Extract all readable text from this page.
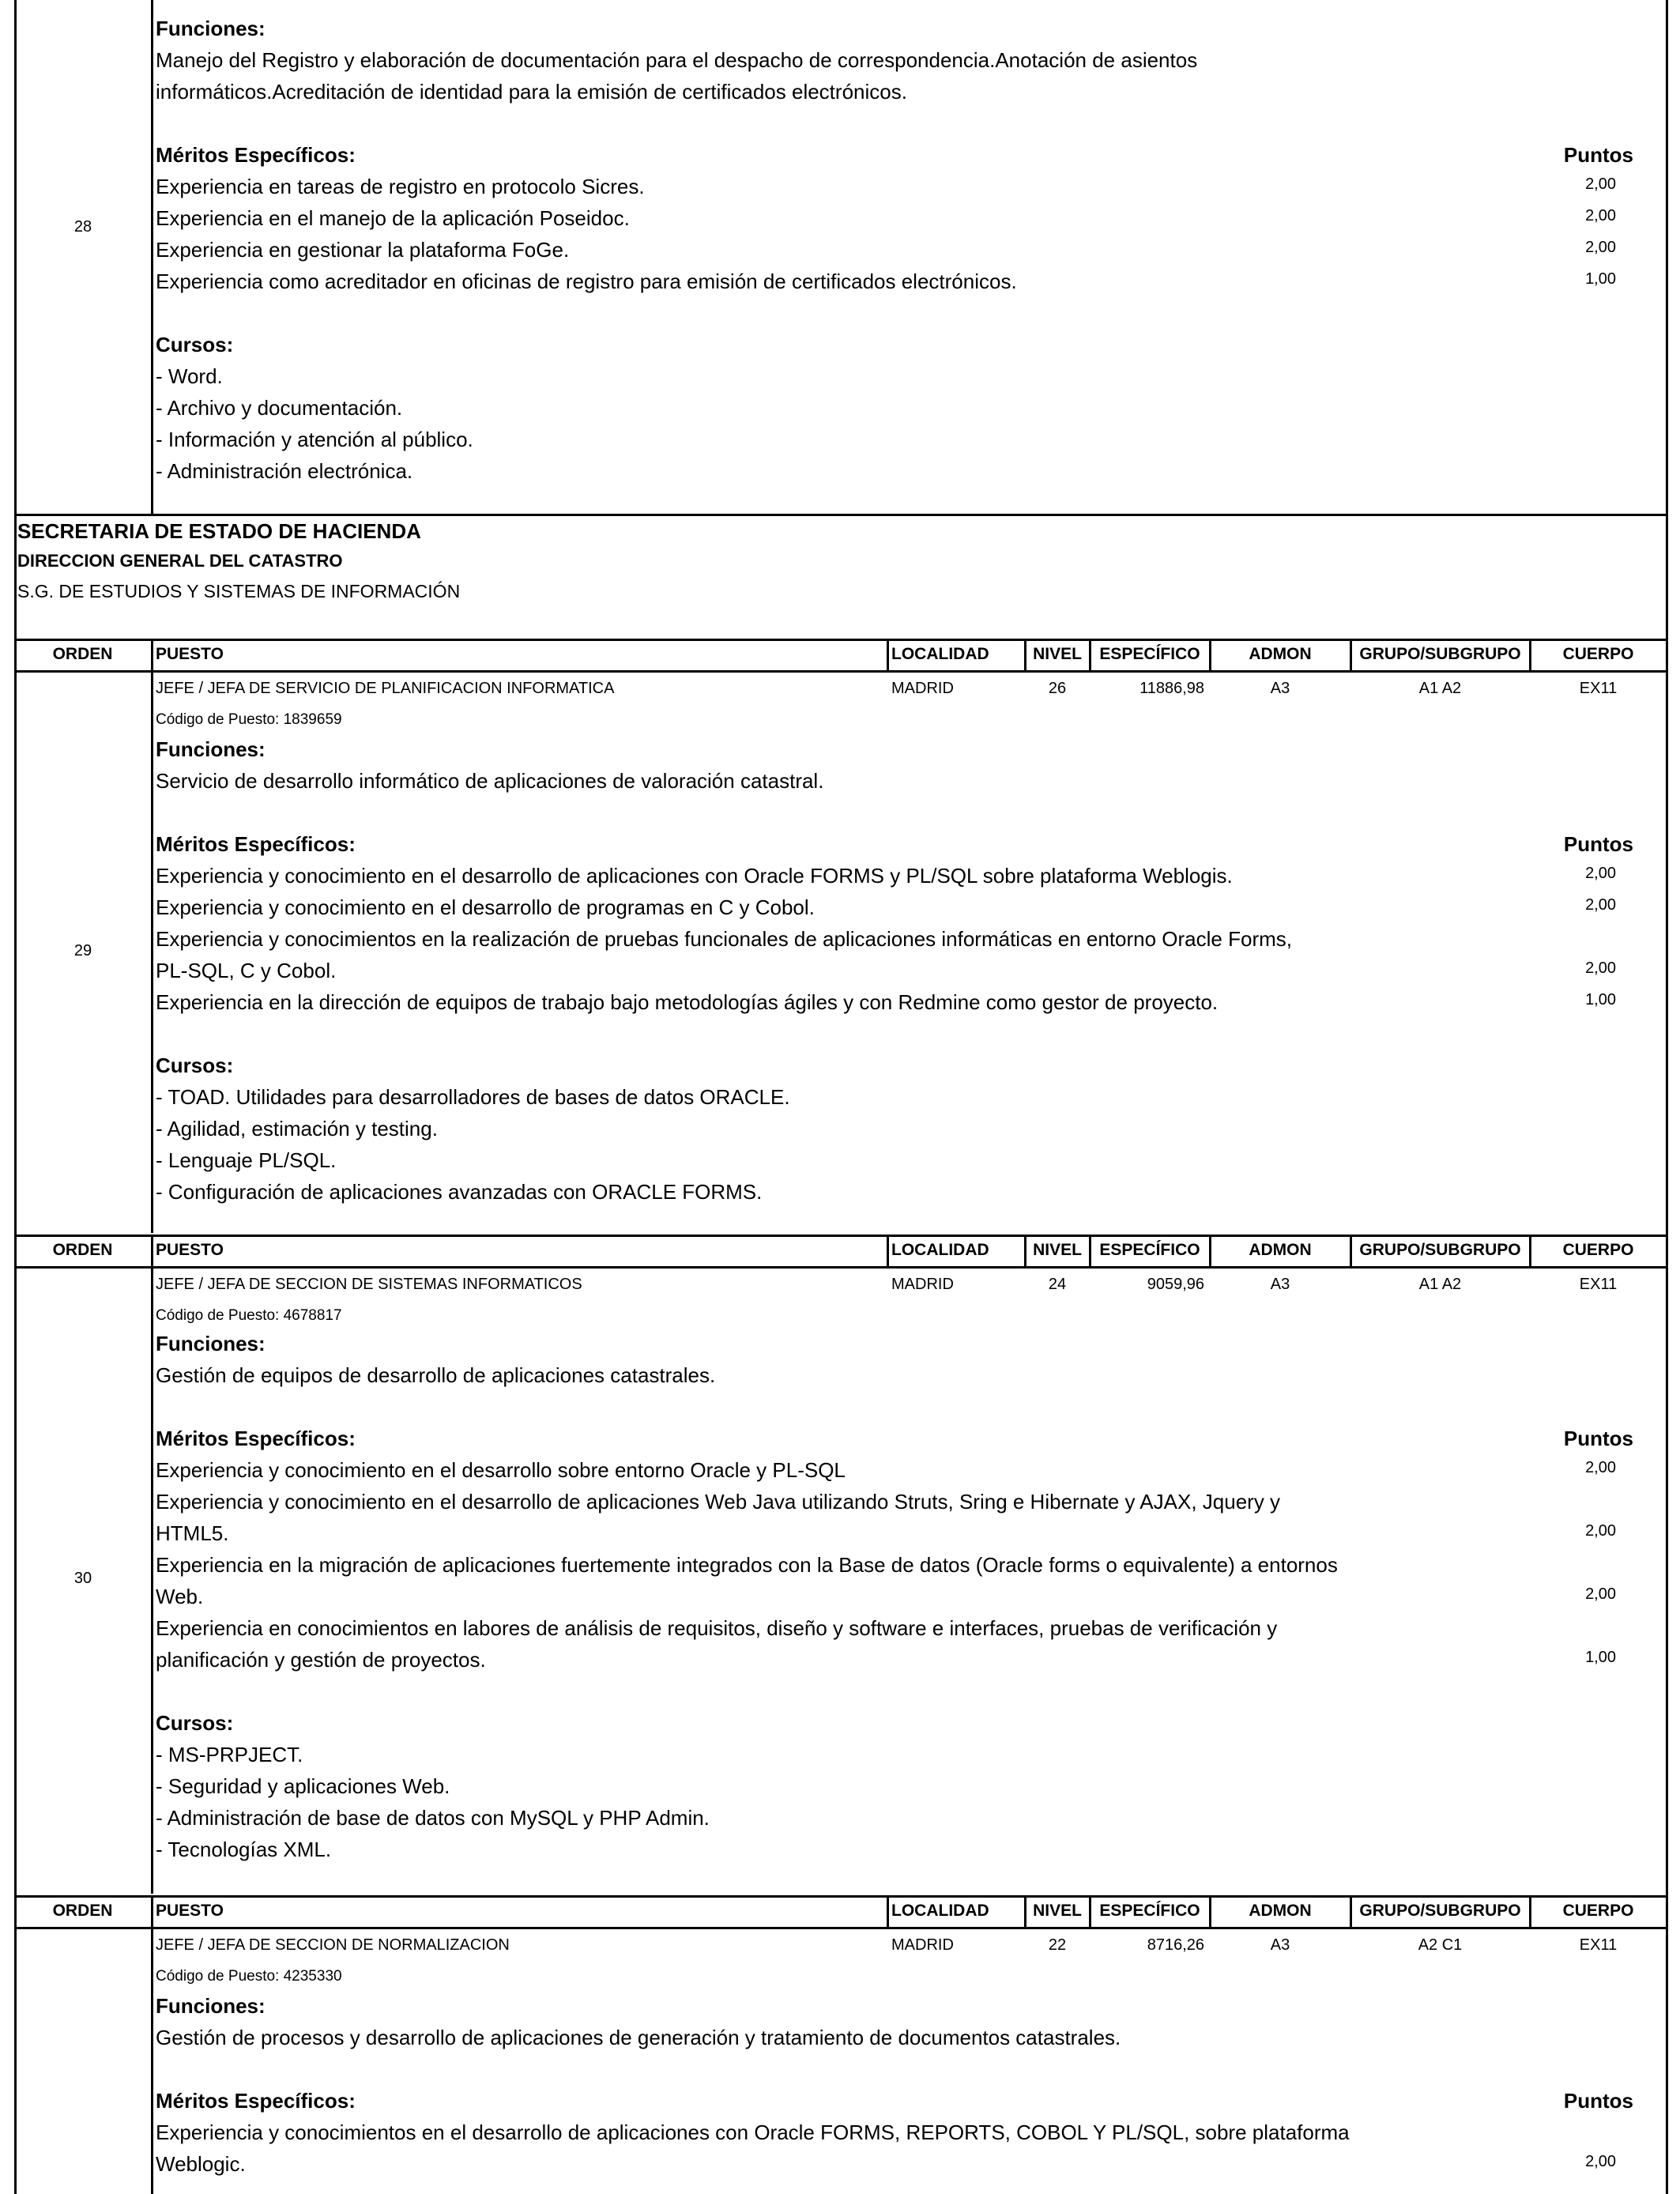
Funciones:
Manejo del Registro y elaboración de documentación para el despacho de correspondencia.Anotación de asientos
informáticos.Acreditación de identidad para la emisión de certificados electrónicos.
Méritos Específicos:	Puntos
Experiencia en tareas de registro en protocolo Sicres.	2,00
Experiencia en el manejo de la aplicación Poseidoc.	2,00
Experiencia en gestionar la plataforma FoGe.	2,00
Experiencia como acreditador en oficinas de registro para emisión de certificados electrónicos.	1,00
Cursos:
- Word.
- Archivo y documentación.
- Información y atención al público.
- Administración electrónica.
28
SECRETARIA DE ESTADO DE HACIENDA
DIRECCION GENERAL DEL CATASTRO
S.G. DE ESTUDIOS Y SISTEMAS DE INFORMACIÓN
ORDEN	PUESTO	LOCALIDAD	NIVEL	ESPECÍFICO	ADMON	GRUPO/SUBGRUPO	CUERPO
JEFE / JEFA DE SERVICIO DE PLANIFICACION INFORMATICA	MADRID	26	11886,98	A3	A1 A2	EX11
Código de Puesto: 1839659
Funciones:
Servicio de desarrollo informático de aplicaciones de valoración catastral.
Méritos Específicos:	Puntos
Experiencia y conocimiento en el desarrollo de aplicaciones con Oracle FORMS y PL/SQL sobre plataforma Weblogis.	2,00
Experiencia y conocimiento en el desarrollo de programas en C y Cobol.	2,00
Experiencia y conocimientos en la realización de pruebas funcionales de aplicaciones informáticas en entorno Oracle Forms,
PL-SQL, C y Cobol.	2,00
Experiencia en la dirección de equipos de trabajo bajo metodologías ágiles y con Redmine como gestor de proyecto.	1,00
Cursos:
- TOAD. Utilidades para desarrolladores de bases de datos ORACLE.
- Agilidad, estimación y testing.
- Lenguaje PL/SQL.
- Configuración de aplicaciones avanzadas con ORACLE FORMS.
29
ORDEN	PUESTO	LOCALIDAD	NIVEL	ESPECÍFICO	ADMON	GRUPO/SUBGRUPO	CUERPO
JEFE / JEFA DE SECCION DE SISTEMAS INFORMATICOS	MADRID	24	9059,96	A3	A1 A2	EX11
Código de Puesto: 4678817
Funciones:
Gestión de equipos de desarrollo de aplicaciones catastrales.
Méritos Específicos:	Puntos
Experiencia y conocimiento en el desarrollo sobre entorno Oracle y PL-SQL	2,00
Experiencia y conocimiento en el desarrollo de aplicaciones Web Java utilizando Struts, Sring e Hibernate y AJAX, Jquery y
HTML5.	2,00
Experiencia en la migración de aplicaciones fuertemente integrados con la Base de datos (Oracle forms o equivalente) a entornos
Web.	2,00
Experiencia en conocimientos en labores de análisis de requisitos, diseño y software e interfaces, pruebas de verificación y
planificación y gestión de proyectos.	1,00
Cursos:
- MS-PRPJECT.
- Seguridad y aplicaciones Web.
- Administración de base de datos con MySQL y PHP Admin.
- Tecnologías XML.
30
ORDEN	PUESTO	LOCALIDAD	NIVEL	ESPECÍFICO	ADMON	GRUPO/SUBGRUPO	CUERPO
JEFE / JEFA DE SECCION DE NORMALIZACION	MADRID	22	8716,26	A3	A2 C1	EX11
Código de Puesto: 4235330
Funciones:
Gestión de procesos y desarrollo de aplicaciones de generación y tratamiento de documentos catastrales.
Méritos Específicos:	Puntos
Experiencia y conocimientos en el desarrollo de aplicaciones con Oracle FORMS, REPORTS, COBOL Y PL/SQL, sobre plataforma
Weblogic.	2,00
